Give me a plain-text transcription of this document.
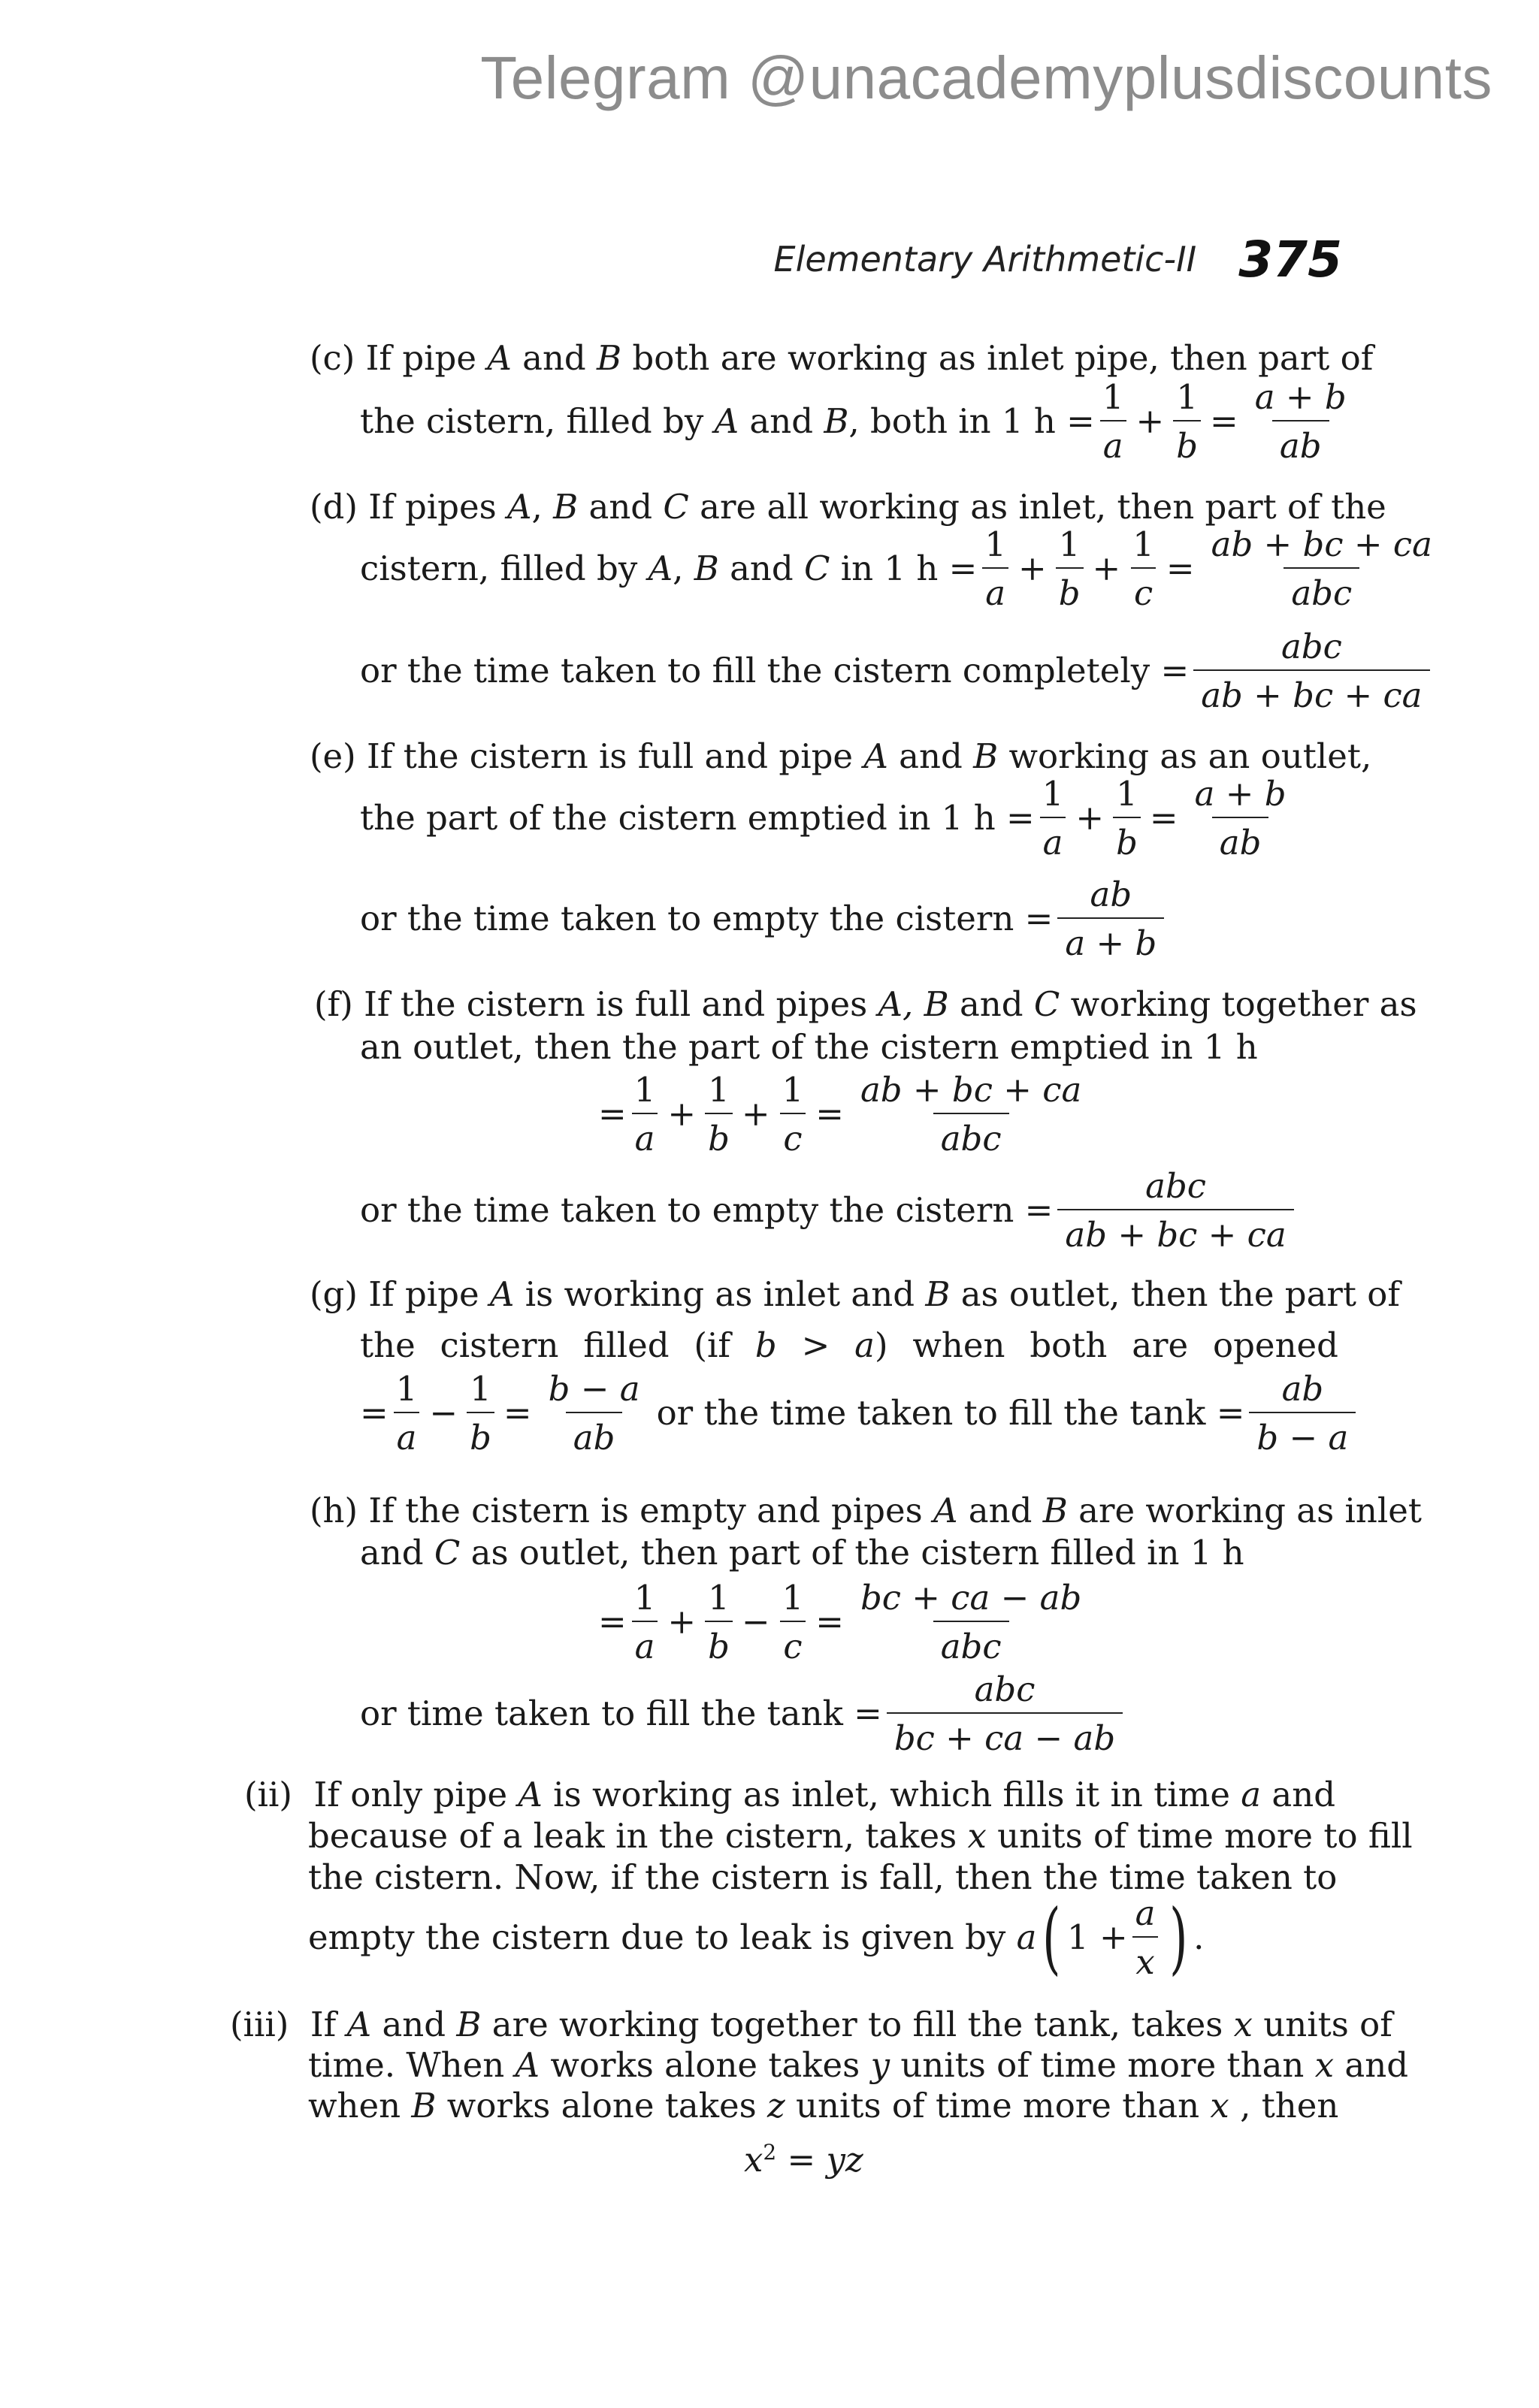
Telegram @unacademyplusdiscounts
Elementary Arithmetic-II 375

(c) If pipe A and B both are working as inlet pipe, then part of

the cistern, filled by A and B, both in 1 $h = \frac{1}{a} + \frac{1}{b} = \frac{a + b}{ab}$

(d) If pipes A, B and C are all working as inlet, then part of the

cistern, filled by A, B and C in 1 $h = \frac{1}{a} + \frac{1}{b} + \frac{1}{c} = \frac{ab + bc + ca}{\text{abc}}$
or the time taken to fill the cistern completely = $\frac{\text{abc}}{ab + bc + ca}$

(e) If the cistern is full and pipe A and B working as an outlet,

the part of the cistern emptied in 1 $h = \frac{1}{a} + \frac{1}{b} = \frac{a + b}{ab}$
or the time taken to empty the cistern = $\frac{ab}{a + b}$

(f) If the cistern is full and pipes A, B and C working together as

an outlet, then the part of the cistern emptied in 1 h

= $\frac{1}{a} + \frac{1}{b} + \frac{1}{c} = \frac{ab + bc + ca}{\text{abc}}$
or the time taken to empty the cistern = $\frac{\text{abc}}{ab + bc + ca}$

(g) If pipe A is working as inlet and B as outlet, then the part of

the cistern filled (if b > a) when both are opened

= $\frac{1}{a} - \frac{1}{b} = \frac{b - a}{ab}$ or the time taken to fill the $\tan k = \frac{ab}{b - a}$

(h) If the cistern is empty and pipes A and B are working as inlet

and C as outlet, then part of the cistern filled in 1 h

= $\frac{1}{a} + \frac{1}{b} - \frac{1}{c} = \frac{bc + ca - ab}{\text{abc}}$
or time taken to fill the $\tan k = \frac{\text{abc}}{bc + ca - ab}$

(ii)  If only pipe A is working as inlet, which fills it in time a and

because of a leak in the cistern, takes x units of time more to fill

the cistern. Now, if the cistern is fall, then the time taken to

empty the cistern due to leak is given by a ( $1 + \frac{a}{x}$ ) .

(iii)  If A and B are working together to fill the tank, takes x units of

time. When A works alone takes y units of time more than x and

when B works alone takes z units of time more than x , then

$x^2$ = yz
